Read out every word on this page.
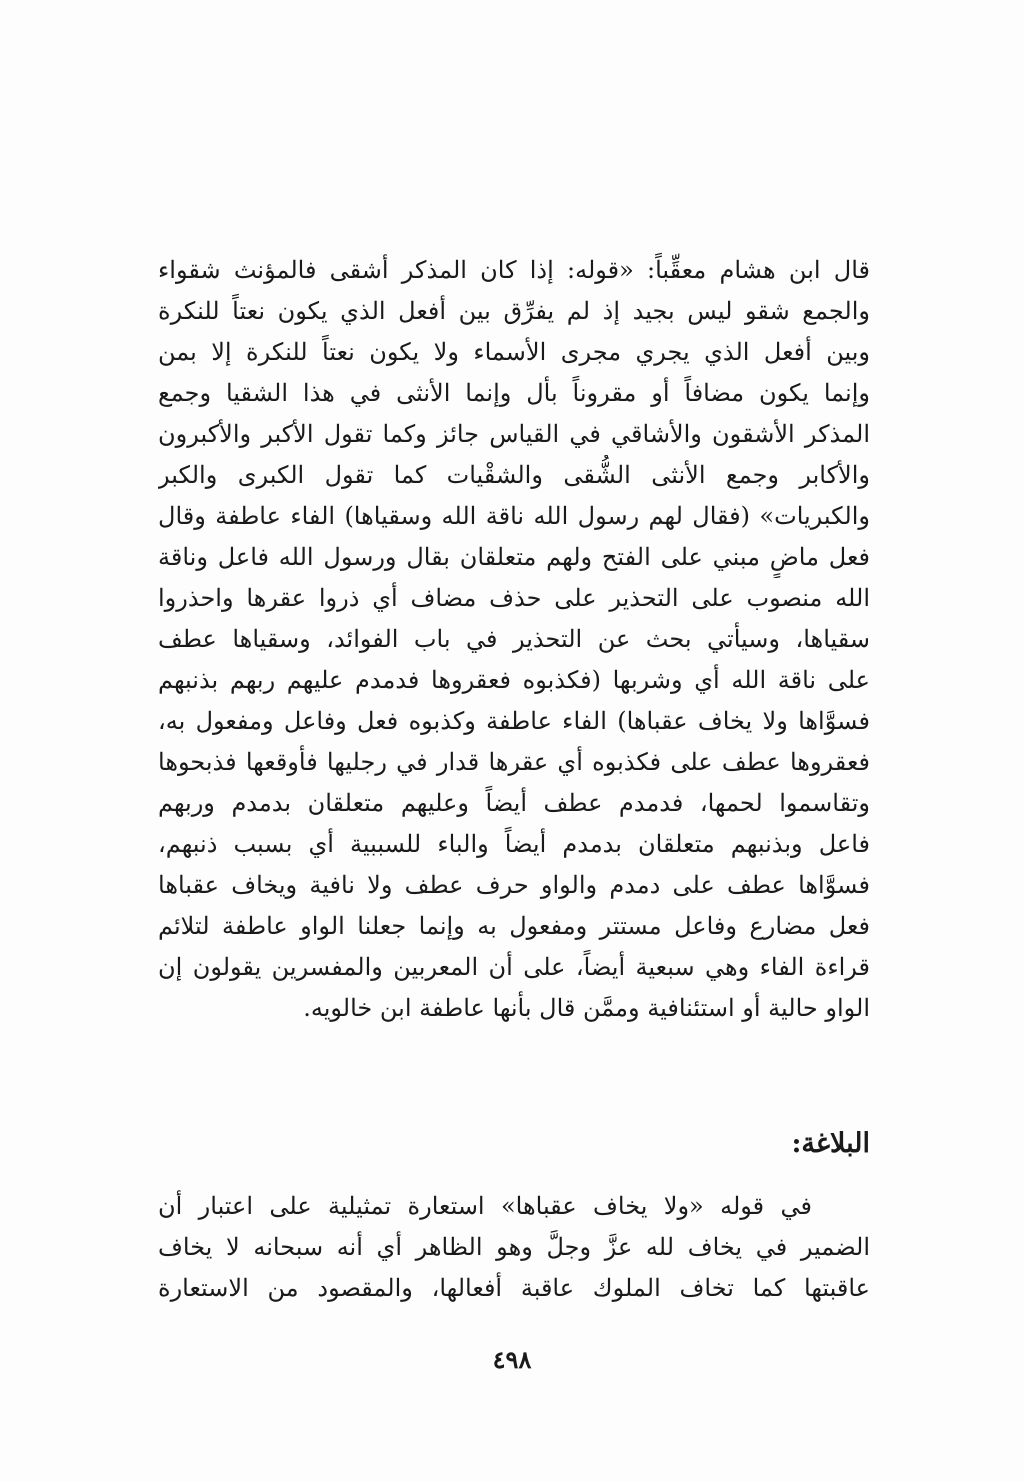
قال ابن هشام معقِّباً: «قوله: إذا كان المذكر أشقى فالمؤنث شقواء
والجمع شقو ليس بجيد إذ لم يفرِّق بين أفعل الذي يكون نعتاً للنكرة
وبين أفعل الذي يجري مجرى الأسماء ولا يكون نعتاً للنكرة إلا بمن
وإنما يكون مضافاً أو مقروناً بأل وإنما الأنثى في هذا الشقيا وجمع
المذكر الأشقون والأشاقي في القياس جائز وكما تقول الأكبر والأكبرون
والأكابر وجمع الأنثى الشُّقى والشقْيات كما تقول الكبرى والكبر
والكبريات» (فقال لهم رسول الله ناقة الله وسقياها) الفاء عاطفة وقال
فعل ماضٍ مبني على الفتح ولهم متعلقان بقال ورسول الله فاعل وناقة
الله منصوب على التحذير على حذف مضاف أي ذروا عقرها واحذروا
سقياها، وسيأتي بحث عن التحذير في باب الفوائد، وسقياها عطف
على ناقة الله أي وشربها (فكذبوه فعقروها فدمدم عليهم ربهم بذنبهم
فسوَّاها ولا يخاف عقباها) الفاء عاطفة وكذبوه فعل وفاعل ومفعول به،
فعقروها عطف على فكذبوه أي عقرها قدار في رجليها فأوقعها فذبحوها
وتقاسموا لحمها، فدمدم عطف أيضاً وعليهم متعلقان بدمدم وربهم
فاعل وبذنبهم متعلقان بدمدم أيضاً والباء للسببية أي بسبب ذنبهم،
فسوَّاها عطف على دمدم والواو حرف عطف ولا نافية ويخاف عقباها
فعل مضارع وفاعل مستتر ومفعول به وإنما جعلنا الواو عاطفة لتلائم
قراءة الفاء وهي سبعية أيضاً، على أن المعربين والمفسرين يقولون إن
الواو حالية أو استئنافية وممَّن قال بأنها عاطفة ابن خالويه.
البلاغة:
في قوله «ولا يخاف عقباها» استعارة تمثيلية على اعتبار أن
الضمير في يخاف لله عزَّ وجلَّ وهو الظاهر أي أنه سبحانه لا يخاف
عاقبتها كما تخاف الملوك عاقبة أفعالها، والمقصود من الاستعارة
٤٩٨
